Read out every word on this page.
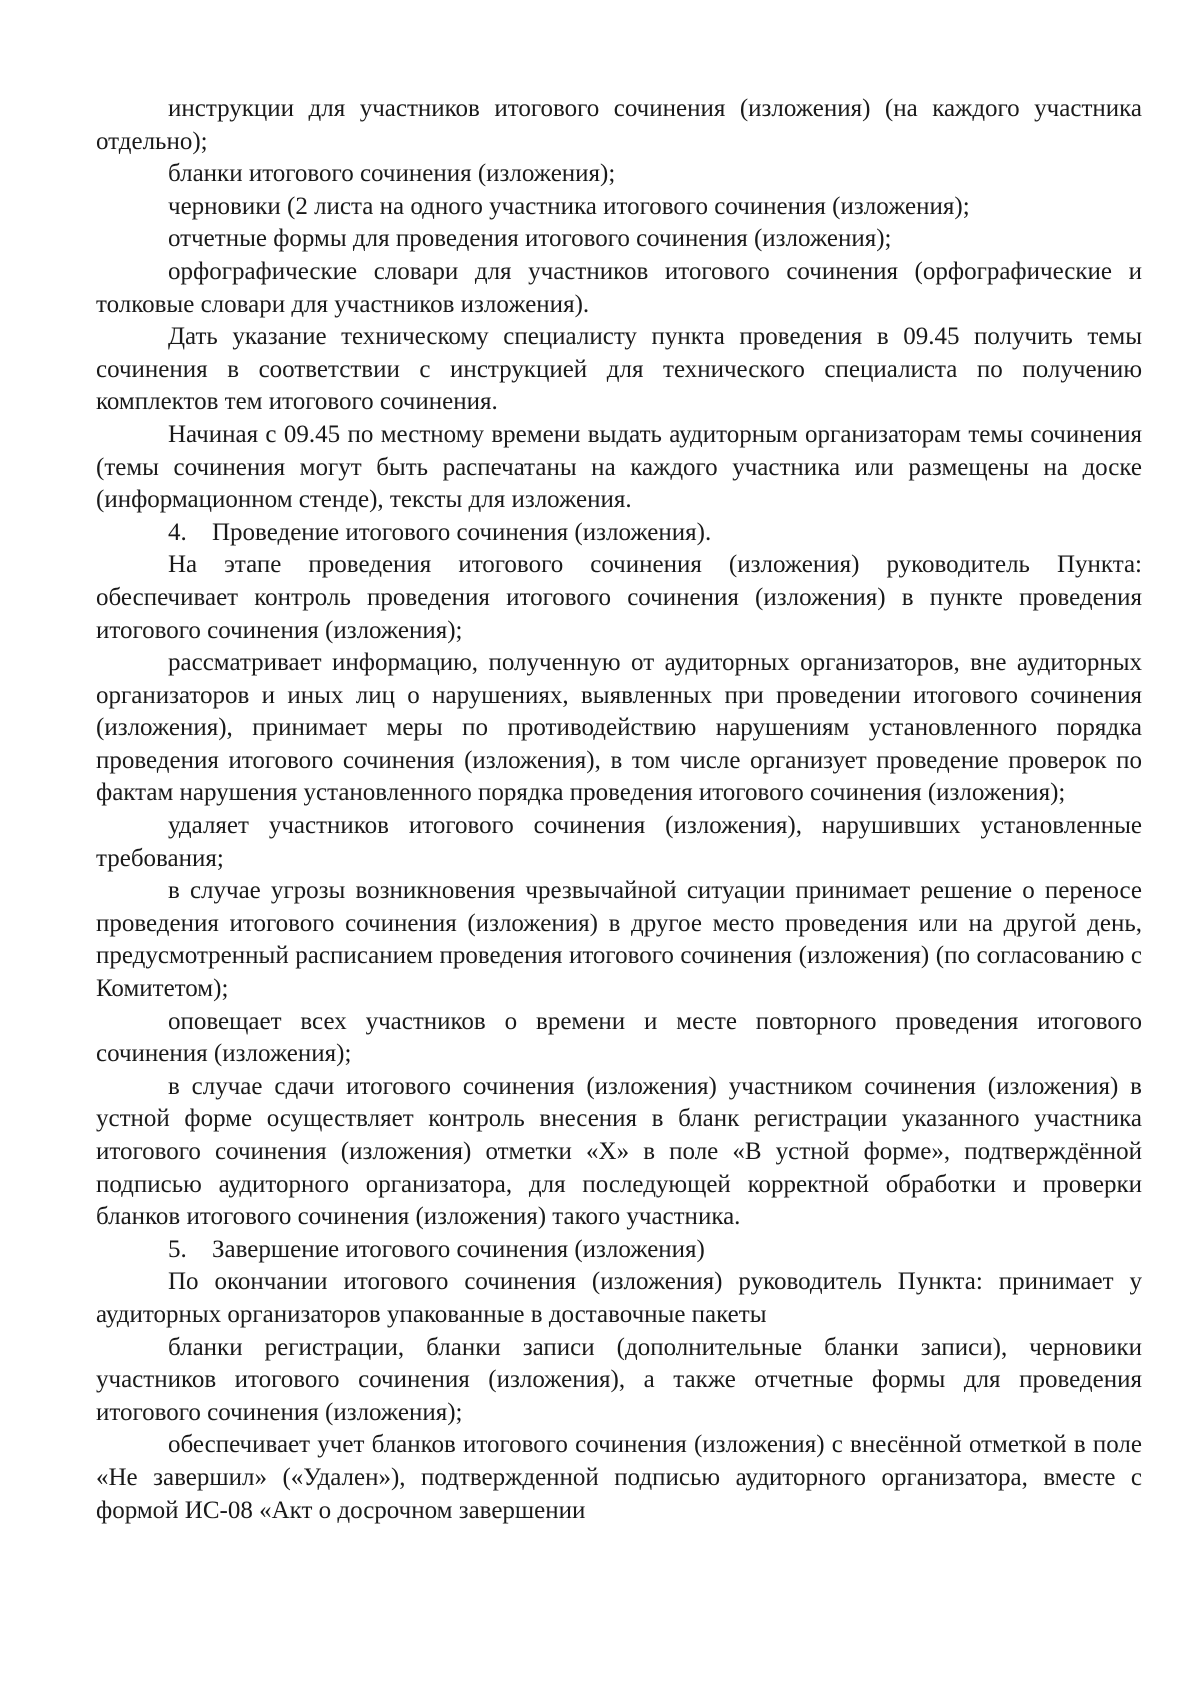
инструкции для участников итогового сочинения (изложения) (на каждого участника отдельно);

бланки итогового сочинения (изложения);

черновики (2 листа на одного участника итогового сочинения (изложения);

отчетные формы для проведения итогового сочинения (изложения);

орфографические словари для участников итогового сочинения (орфографические и толковые словари для участников изложения).

Дать указание техническому специалисту пункта проведения в 09.45 получить темы сочинения в соответствии с инструкцией для технического специалиста по получению комплектов тем итогового сочинения.

Начиная с 09.45 по местному времени выдать аудиторным организаторам темы сочинения (темы сочинения могут быть распечатаны на каждого участника или размещены на доске (информационном стенде), тексты для изложения.

4. Проведение итогового сочинения (изложения).

На этапе проведения итогового сочинения (изложения) руководитель Пункта: обеспечивает контроль проведения итогового сочинения (изложения) в пункте проведения итогового сочинения (изложения);

рассматривает информацию, полученную от аудиторных организаторов, вне аудиторных организаторов и иных лиц о нарушениях, выявленных при проведении итогового сочинения (изложения), принимает меры по противодействию нарушениям установленного порядка проведения итогового сочинения (изложения), в том числе организует проведение проверок по фактам нарушения установленного порядка проведения итогового сочинения (изложения);

удаляет участников итогового сочинения (изложения), нарушивших установленные требования;

в случае угрозы возникновения чрезвычайной ситуации принимает решение о переносе проведения итогового сочинения (изложения) в другое место проведения или на другой день, предусмотренный расписанием проведения итогового сочинения (изложения) (по согласованию с Комитетом);

оповещает всех участников о времени и месте повторного проведения итогового сочинения (изложения);

в случае сдачи итогового сочинения (изложения) участником сочинения (изложения) в устной форме осуществляет контроль внесения в бланк регистрации указанного участника итогового сочинения (изложения) отметки «Х» в поле «В устной форме», подтверждённой подписью аудиторного организатора, для последующей корректной обработки и проверки бланков итогового сочинения (изложения) такого участника.

5. Завершение итогового сочинения (изложения)

По окончании итогового сочинения (изложения) руководитель Пункта: принимает у аудиторных организаторов упакованные в доставочные пакеты

бланки регистрации, бланки записи (дополнительные бланки записи), черновики участников итогового сочинения (изложения), а также отчетные формы для проведения итогового сочинения (изложения);

обеспечивает учет бланков итогового сочинения (изложения) с внесённой отметкой в поле «Не завершил» («Удален»), подтвержденной подписью аудиторного организатора, вместе с формой ИС-08 «Акт о досрочном завершении
